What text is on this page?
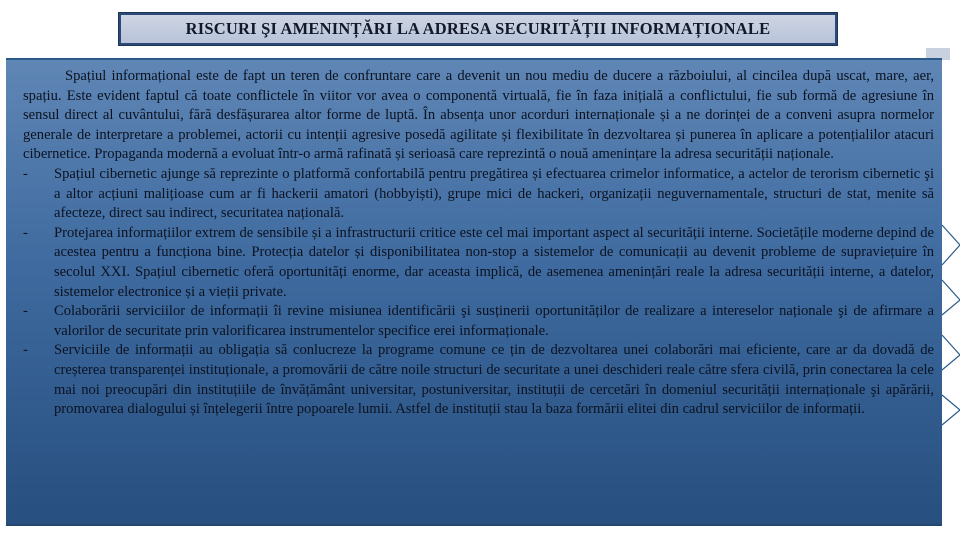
RISCURI ŞI AMENINȚĂRI LA ADRESA SECURITĂȚII INFORMAȚIONALE

Spațiul informațional este de fapt un teren de confruntare care a devenit un nou mediu de ducere a războiului, al cincilea după uscat, mare, aer, spațiu. Este evident faptul că toate conflictele în viitor vor avea o componentă virtuală, fie în faza inițială a conflictului, fie sub formă de agresiune în sensul direct al cuvântului, fără desfășurarea altor forme de luptă. În absența unor acorduri internaționale și a ne dorinței de a conveni asupra normelor generale de interpretare a problemei, actorii cu intenții agresive posedă agilitate și flexibilitate în dezvoltarea și punerea în aplicare a potențialilor atacuri cibernetice. Propaganda modernă a evoluat într-o armă rafinată și serioasă care reprezintă o nouă amenințare la adresa securității naționale.

-	Spațiul cibernetic ajunge să reprezinte o platformă confortabilă pentru pregătirea și efectuarea crimelor informatice, a actelor de terorism cibernetic şi a altor acțiuni malițioase cum ar fi hackerii amatori (hobbyiști), grupe mici de hackeri, organizații neguvernamentale, structuri de stat, menite să afecteze, direct sau indirect, securitatea națională.
-	Protejarea informațiilor extrem de sensibile și a infrastructurii critice este cel mai important aspect al securității interne. Societățile moderne depind de acestea pentru a funcționa bine. Protecția datelor și disponibilitatea non-stop a sistemelor de comunicații au devenit probleme de supraviețuire în secolul XXI. Spațiul cibernetic oferă oportunități enorme, dar aceasta implică, de asemenea amenințări reale la adresa securității interne, a datelor, sistemelor electronice și a vieții private.
-	Colaborării serviciilor de informații îi revine misiunea identificării şi susținerii oportunităților de realizare a intereselor naționale şi de afirmare a valorilor de securitate prin valorificarea instrumentelor specifice erei informaționale.
-	Serviciile de informații au obligația să conlucreze la programe comune ce țin de dezvoltarea unei colaborări mai eficiente, care ar da dovadă de creșterea transparenței instituționale, a promovării de către noile structuri de securitate a unei deschideri reale către sfera civilă, prin conectarea la cele mai noi preocupări din instituțiile de învățământ universitar, postuniversitar, instituții de cercetări în domeniul securității internaționale şi apărării, promovarea dialogului și înțelegerii între popoarele lumii. Astfel de instituții stau la baza formării elitei din cadrul serviciilor de informații.
